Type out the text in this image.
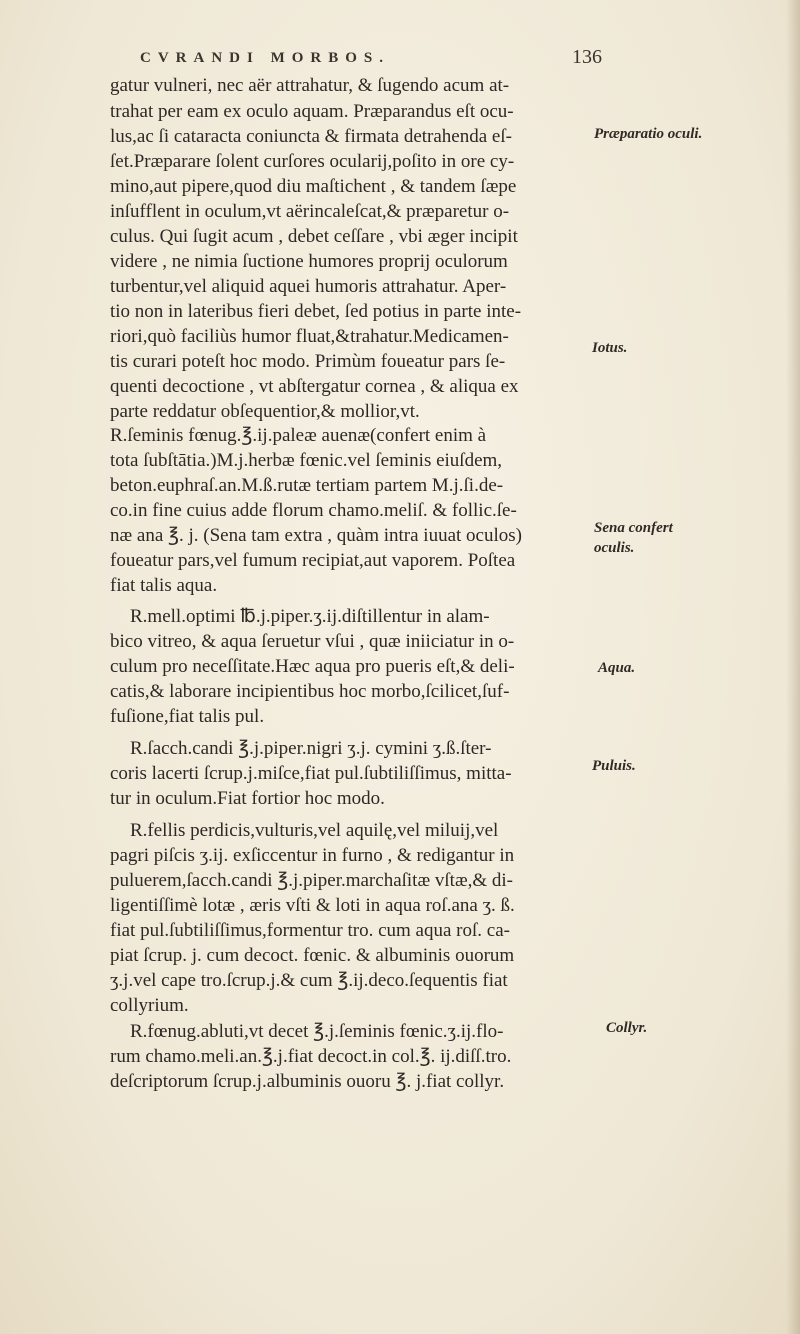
CVRANDI MORBOS.	136
gatur vulneri, nec aër attrahatur, & ſugendo acum at-
trahat per eam ex oculo aquam. Præparandus eſt ocu-
lus,ac ſi cataracta coniuncta & firmata detrahenda eſ-
ſet.Præparare ſolent curſores ocularij,poſito in ore cy-
mino,aut pipere,quod diu maſtichent , & tandem ſæpe
inſufflent in oculum,vt aërincaleſcat,& præparetur o-
culus. Qui ſugit acum , debet ceſſare , vbi æger incipit
videre , ne nimia ſuctione humores proprij oculorum
turbentur,vel aliquid aquei humoris attrahatur. Aper-
tio non in lateribus fieri debet, ſed potius in parte inte-
riori,quò faciliùs humor fluat,&trahatur.Medicamen-
tis curari poteſt hoc modo. Primùm foueatur pars ſe-
quenti decoctione , vt abſtergatur cornea , & aliqua ex
parte reddatur obſequentior,& mollior,vt.
R.ſeminis fœnug.℥.ij.paleæ auenæ(confert enim à
tota ſubſtātia.)M.j.herbæ fœnic.vel ſeminis eiuſdem,
beton.euphraſ.an.M.ß.rutæ tertiam partem M.j.ſi.de-
co.in fine cuius adde florum chamo.meliſ. & follic.ſe-
næ ana ℥. j. (Sena tam extra , quàm intra iuuat oculos)
foueatur pars,vel fumum recipiat,aut vaporem. Poſtea
fiat talis aqua.
R.mell.optimi ℔.j.piper.ʒ.ij.diſtillentur in alam-
bico vitreo, & aqua ſeruetur vſui , quæ iniiciatur in o-
culum pro neceſſitate.Hæc aqua pro pueris eſt,& deli-
catis,& laborare incipientibus hoc morbo,ſcilicet,ſuf-
fuſione,fiat talis pul.
R.ſacch.candi ℥.j.piper.nigri ʒ.j. cymini ʒ.ß.ſter-
coris lacerti ſcrup.j.miſce,fiat pul.ſubtiliſſimus, mitta-
tur in oculum.Fiat fortior hoc modo.
R.fellis perdicis,vulturis,vel aquilę,vel miluij,vel
pagri piſcis ʒ.ij. exſiccentur in furno , & redigantur in
puluerem,ſacch.candi ℥.j.piper.marchaſitæ vſtæ,& di-
ligentiſſimè lotæ , æris vſti & loti in aqua roſ.ana ʒ. ß.
fiat pul.ſubtiliſſimus,formentur tro. cum aqua roſ. ca-
piat ſcrup. j. cum decoct. fœnic. & albuminis ouorum
ʒ.j.vel cape tro.ſcrup.j.& cum ℥.ij.deco.ſequentis fiat
collyrium.
R.fœnug.abluti,vt decet ℥.j.ſeminis fœnic.ʒ.ij.flo-
rum chamo.meli.an.℥.j.fiat decoct.in col.℥. ij.diſſ.tro.
deſcriptorum ſcrup.j.albuminis ouoru ℥. j.fiat collyr.
Præparatio oculi.
Iotus.
Sena confert oculis.
Aqua.
Puluis.
Collyr.
